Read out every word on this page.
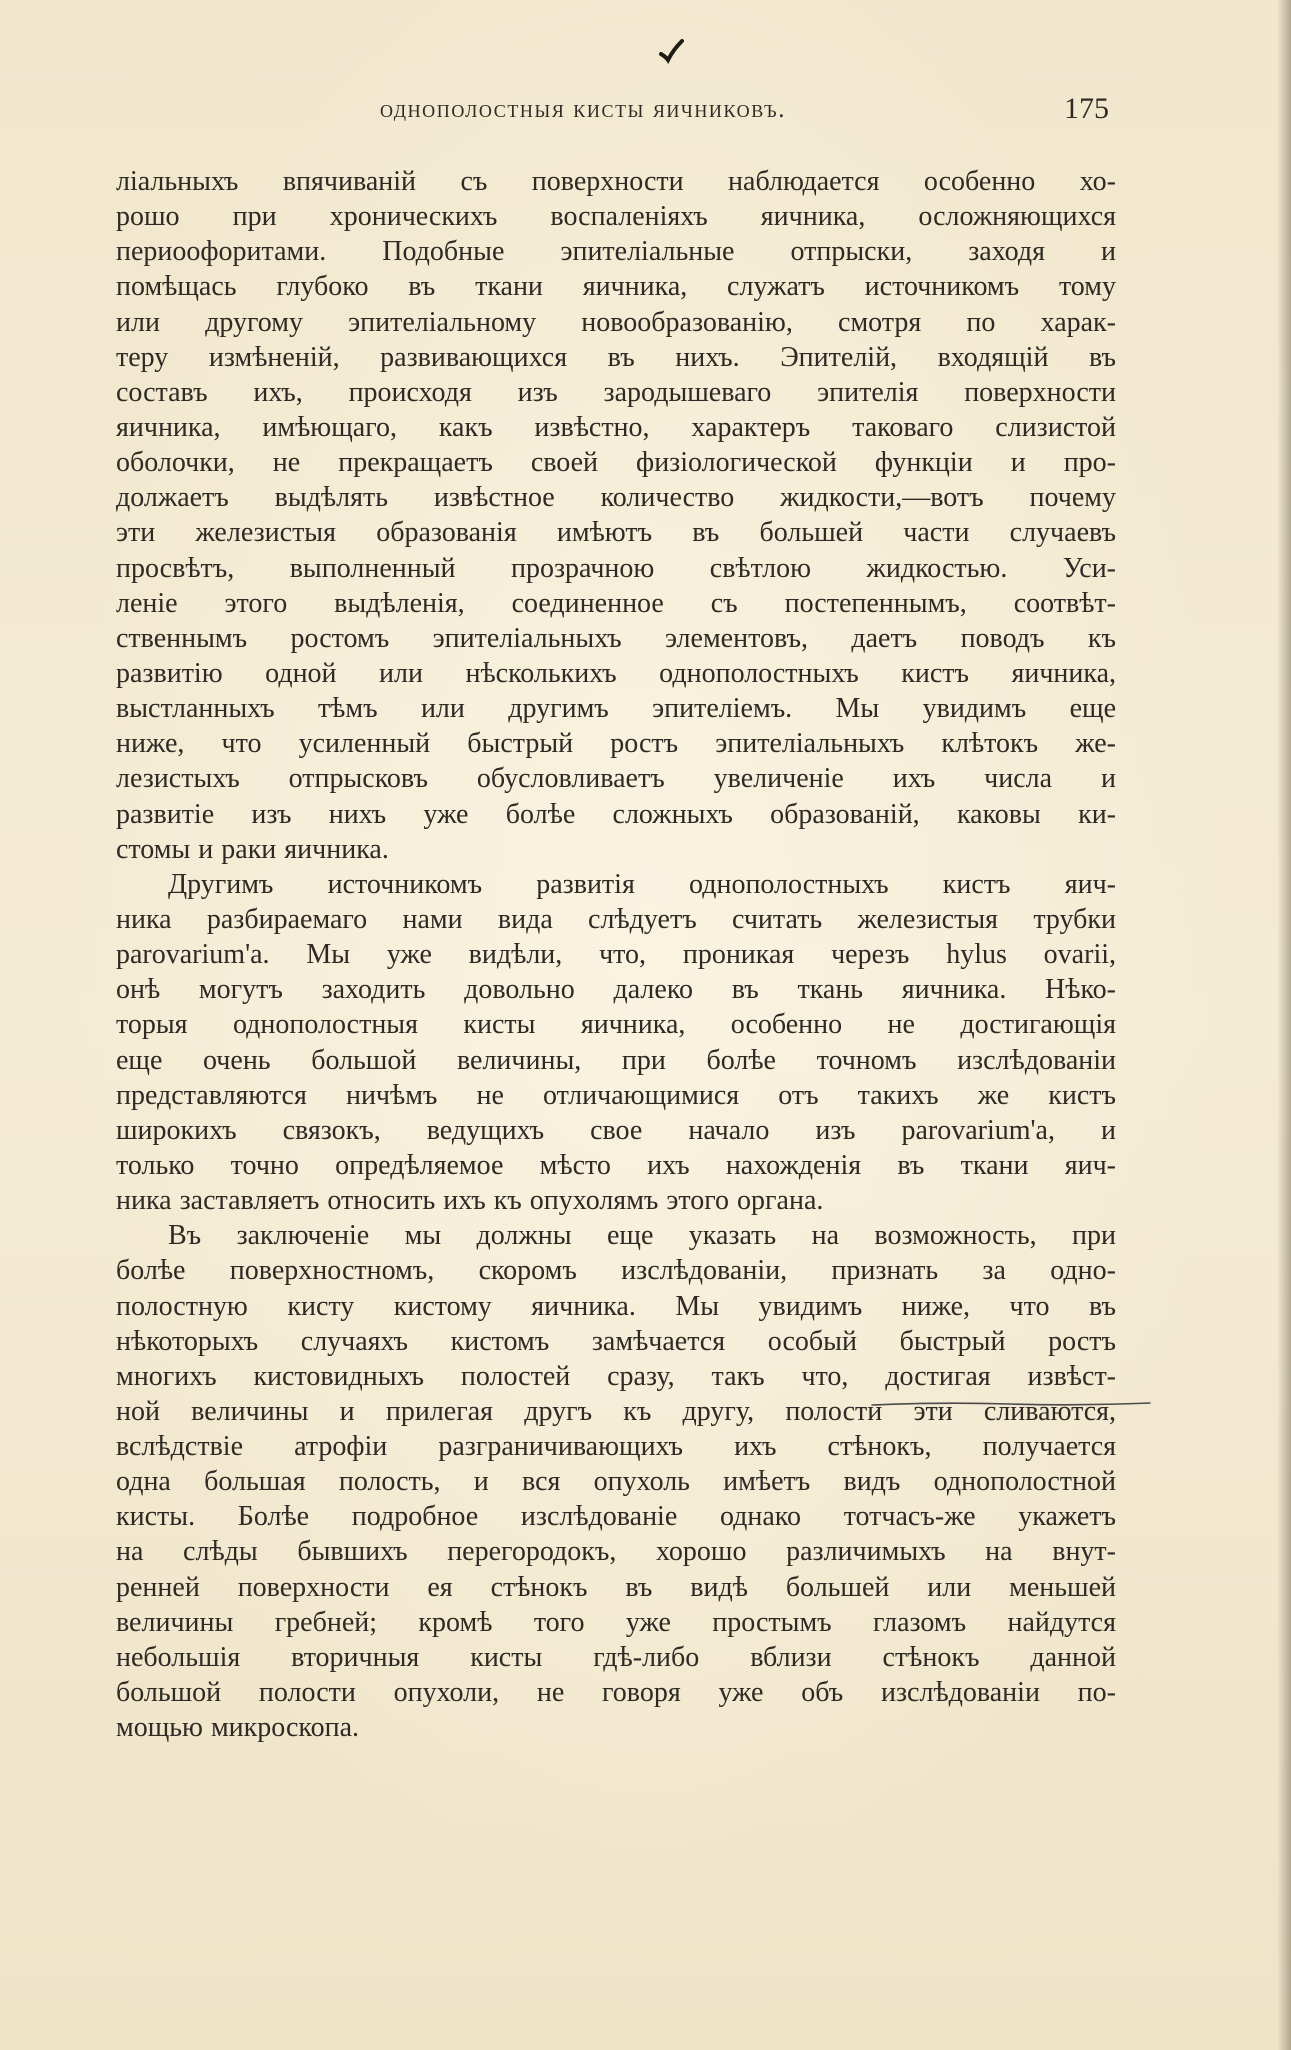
однополостныя кисты яичниковъ.	175
ліальныхъ впячиваній съ поверхности наблюдается особенно хо-
рошо при хроническихъ воспаленіяхъ яичника, осложняющихся
периоофоритами. Подобные эпителіальные отпрыски, заходя и
помѣщась глубоко въ ткани яичника, служатъ источникомъ тому
или другому эпителіальному новообразованію, смотря по харак-
теру измѣненій, развивающихся въ нихъ. Эпителій, входящій въ
составъ ихъ, происходя изъ зародышеваго эпителія поверхности
яичника, имѣющаго, какъ извѣстно, характеръ таковаго слизистой
оболочки, не прекращаетъ своей физіологической функціи и про-
должаетъ выдѣлять извѣстное количество жидкости,—вотъ почему
эти железистыя образованія имѣютъ въ большей части случаевъ
просвѣтъ, выполненный прозрачною свѣтлою жидкостью. Уси-
леніе этого выдѣленія, соединенное съ постепеннымъ, соотвѣт-
ственнымъ ростомъ эпителіальныхъ элементовъ, даетъ поводъ къ
развитію одной или нѣсколькихъ однополостныхъ кистъ яичника,
выстланныхъ тѣмъ или другимъ эпителіемъ. Мы увидимъ еще
ниже, что усиленный быстрый ростъ эпителіальныхъ клѣтокъ же-
лезистыхъ отпрысковъ обусловливаетъ увеличеніе ихъ числа и
развитіе изъ нихъ уже болѣе сложныхъ образованій, каковы ки-
стомы и раки яичника.
Другимъ источникомъ развитія однополостныхъ кистъ яич-
ника разбираемаго нами вида слѣдуетъ считать железистыя трубки
parovarium'а. Мы уже видѣли, что, проникая черезъ hylus ovarii,
онѣ могутъ заходить довольно далеко въ ткань яичника. Нѣко-
торыя однополостныя кисты яичника, особенно не достигающія
еще очень большой величины, при болѣе точномъ изслѣдованіи
представляются ничѣмъ не отличающимися отъ такихъ же кистъ
широкихъ связокъ, ведущихъ свое начало изъ parovarium'а, и
только точно опредѣляемое мѣсто ихъ нахожденія въ ткани яич-
ника заставляетъ относить ихъ къ опухолямъ этого органа.
Въ заключеніе мы должны еще указать на возможность, при
болѣе поверхностномъ, скоромъ изслѣдованіи, признать за одно-
полостную кисту кистому яичника. Мы увидимъ ниже, что въ
нѣкоторыхъ случаяхъ кистомъ замѣчается особый быстрый ростъ
многихъ кистовидныхъ полостей сразу, такъ что, достигая извѣст-
ной величины и прилегая другъ къ другу, полости эти сливаются,
вслѣдствіе атрофіи разграничивающихъ ихъ стѣнокъ, получается
одна большая полость, и вся опухоль имѣетъ видъ однополостной
кисты. Болѣе подробное изслѣдованіе однако тотчасъ-же укажетъ
на слѣды бывшихъ перегородокъ, хорошо различимыхъ на внут-
ренней поверхности ея стѣнокъ въ видѣ большей или меньшей
величины гребней; кромѣ того уже простымъ глазомъ найдутся
небольшія вторичныя кисты гдѣ-либо вблизи стѣнокъ данной
большой полости опухоли, не говоря уже объ изслѣдованіи по-
мощью микроскопа.
